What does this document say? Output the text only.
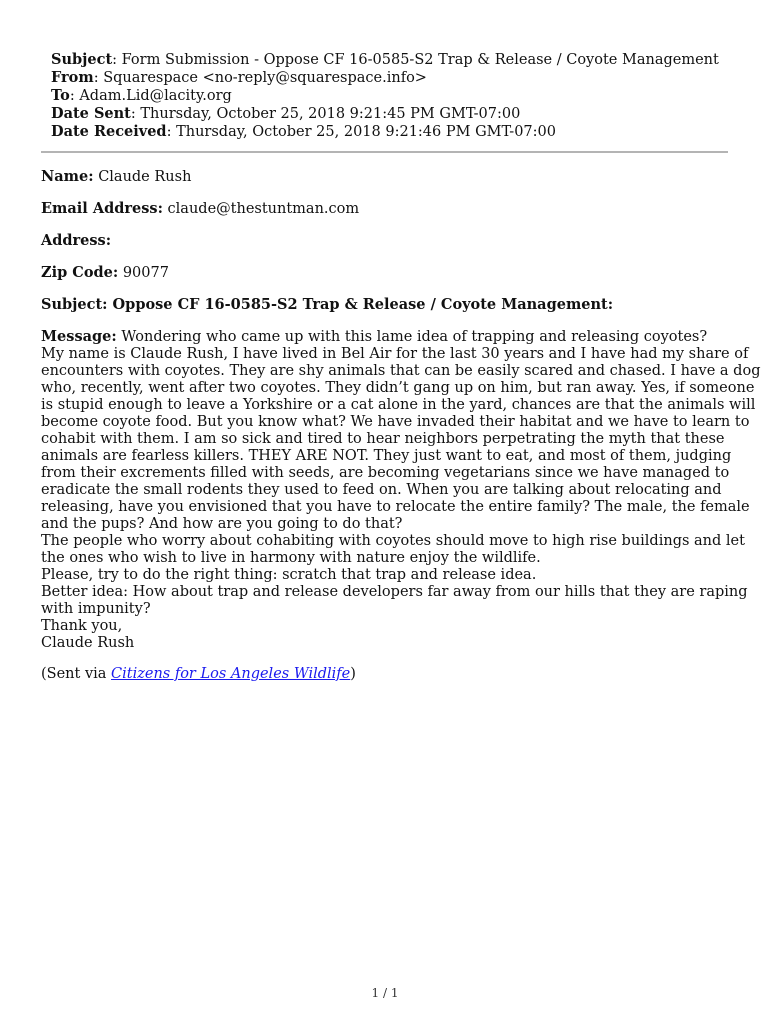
Subject: Form Submission - Oppose CF 16-0585-S2 Trap & Release / Coyote Management
From: Squarespace <no-reply@squarespace.info>
To: Adam.Lid@lacity.org
Date Sent: Thursday, October 25, 2018 9:21:45 PM GMT-07:00
Date Received: Thursday, October 25, 2018 9:21:46 PM GMT-07:00
Name: Claude Rush
Email Address: claude@thestuntman.com
Address:
Zip Code: 90077
Subject: Oppose CF 16-0585-S2 Trap & Release / Coyote Management:
Message: Wondering who came up with this lame idea of trapping and releasing coyotes?
My name is Claude Rush, I have lived in Bel Air for the last 30 years and I have had my share of
encounters with coyotes. They are shy animals that can be easily scared and chased. I have a dog
who, recently, went after two coyotes. They didn’t gang up on him, but ran away. Yes, if someone
is stupid enough to leave a Yorkshire or a cat alone in the yard, chances are that the animals will
become coyote food. But you know what? We have invaded their habitat and we have to learn to
cohabit with them. I am so sick and tired to hear neighbors perpetrating the myth that these
animals are fearless killers. THEY ARE NOT. They just want to eat, and most of them, judging
from their excrements filled with seeds, are becoming vegetarians since we have managed to
eradicate the small rodents they used to feed on. When you are talking about relocating and
releasing, have you envisioned that you have to relocate the entire family? The male, the female
and the pups? And how are you going to do that?
The people who worry about cohabiting with coyotes should move to high rise buildings and let
the ones who wish to live in harmony with nature enjoy the wildlife.
Please, try to do the right thing: scratch that trap and release idea.
Better idea: How about trap and release developers far away from our hills that they are raping
with impunity?
Thank you,
Claude Rush
(Sent via Citizens for Los Angeles Wildlife)
1 / 1
